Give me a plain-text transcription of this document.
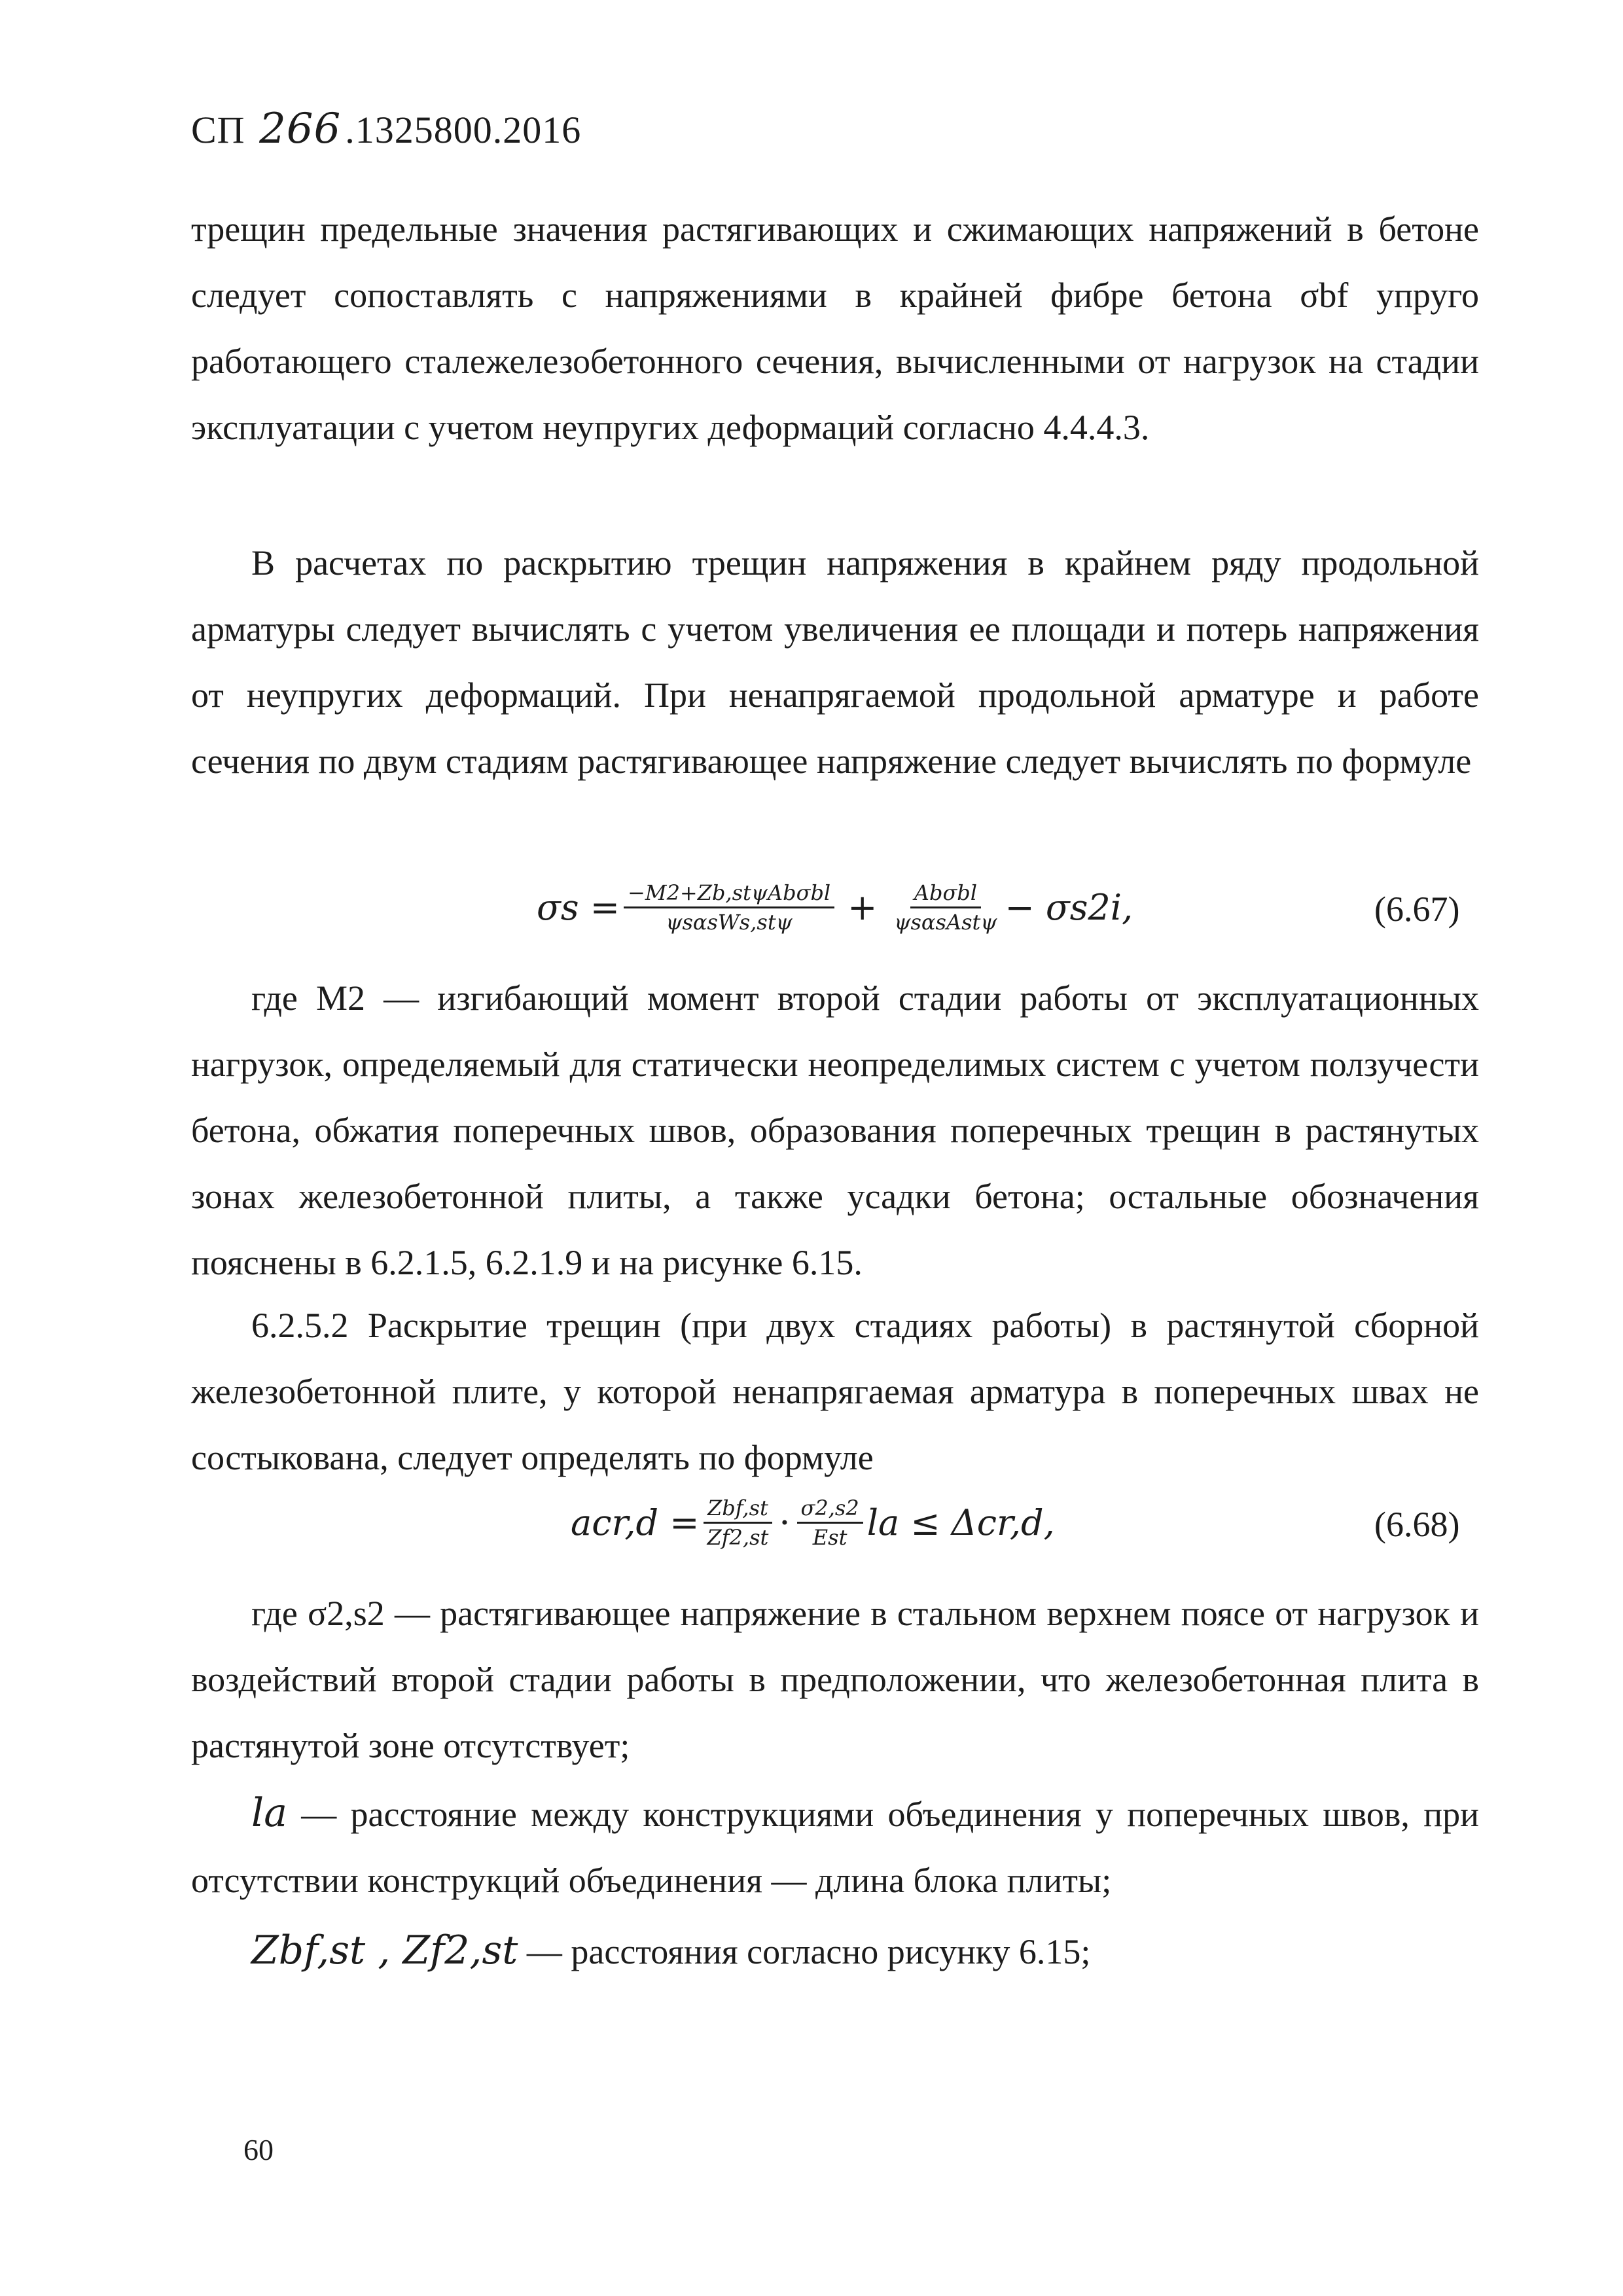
СП 266 .1325800.2016

трещин предельные значения растягивающих и сжимающих напряжений в бетоне следует сопоставлять с напряжениями в крайней фибре бетона σbf упруго работающего сталежелезобетонного сечения, вычисленными от нагрузок на стадии эксплуатации с учетом неупругих деформаций согласно 4.4.4.3.

В расчетах по раскрытию трещин напряжения в крайнем ряду продольной арматуры следует вычислять с учетом увеличения ее площади и потерь напряжения от неупругих деформаций. При ненапрягаемой продольной арматуре и работе сечения по двум стадиям растягивающее напряжение следует вычислять по формуле

$\sigma s = \frac{\text{−M2+Zb,stψAbσbl}}{\text{ψsαsWs,stψ}} + \frac{\text{Abσbl}}{\text{ψsαsAstψ}} - \sigma s2i$,	(6.67)

где M2 — изгибающий момент второй стадии работы от эксплуатационных нагрузок, определяемый для статически неопределимых систем с учетом ползучести бетона, обжатия поперечных швов, образования поперечных трещин в растянутых зонах железобетонной плиты, а также усадки бетона; остальные обозначения пояснены в 6.2.1.5, 6.2.1.9 и на рисунке 6.15.

6.2.5.2 Раскрытие трещин (при двух стадиях работы) в растянутой сборной железобетонной плите, у которой ненапрягаемая арматура в поперечных швах не состыкована, следует определять по формуле

$acr,d = \frac{\text{Zbf,st}}{Zf2,st} \cdot \frac{\sigma 2,s2}{\text{Est}}$ la ≤ Δcr,d,	(6.68)

где σ2,s2 — растягивающее напряжение в стальном верхнем поясе от нагрузок и воздействий второй стадии работы в предположении, что железобетонная плита в растянутой зоне отсутствует;

la — расстояние между конструкциями объединения у поперечных швов, при отсутствии конструкций объединения — длина блока плиты;

Zbf,st , Zf2,st — расстояния согласно рисунку 6.15;

60
